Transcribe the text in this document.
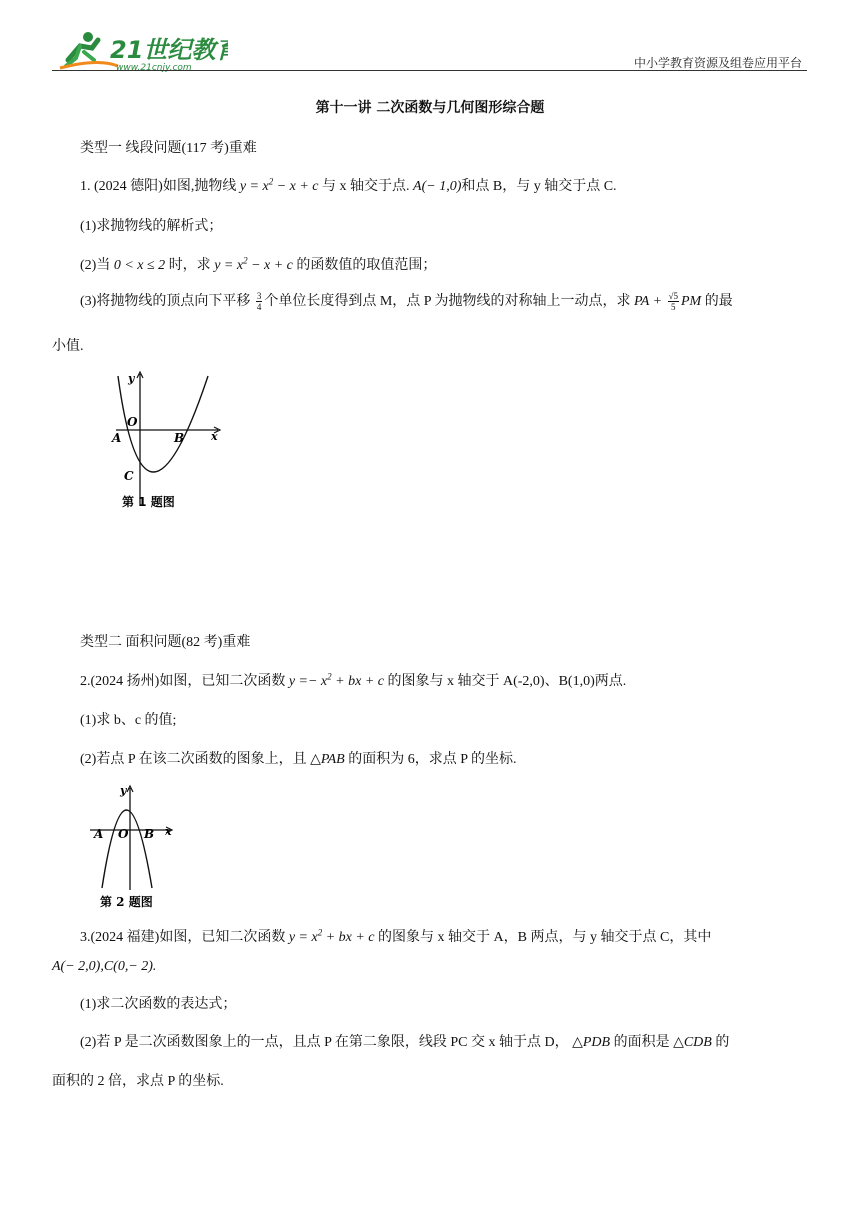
21世纪教育
www.21cnjy.com	中小学教育资源及组卷应用平台
第十一讲 二次函数与几何图形综合题
类型一 线段问题(117 考)重难
1. (2024 德阳)如图,抛物线 $y = x^2 - x + c$ 与 x 轴交于点. A(− 1,0)和点 B，与 y 轴交于点 C.
(1)求抛物线的解析式；
(2)当 0 < x ≤ 2 时，求 $y = x^2 - x + c$ 的函数值的取值范围；
(3)将抛物线的顶点向下平移 $\frac{3}{4}$ 个单位长度得到点 M，点 P 为抛物线的对称轴上一动点，求 PA + $\frac{√5}{5}$ PM 的最
小值.
y
x
O
A	B
C
第 1 题图
类型二 面积问题(82 考)重难
2.(2024 扬州)如图，已知二次函数 $y =- x^2$ + bx + c 的图象与 x 轴交于 A(-2,0)、B(1,0)两点.
(1)求 b、c 的值;
(2)若点 P 在该二次函数的图象上，且 △PAB 的面积为 6，求点 P 的坐标.
y
x
O
A	B
第 2 题图
3.(2024 福建)如图，已知二次函数 $y = x^2$ + bx + c 的图象与 x 轴交于 A，B 两点，与 y 轴交于点 C，其中
A(− 2,0),C(0,− 2).
(1)求二次函数的表达式；
(2)若 P 是二次函数图象上的一点，且点 P 在第二象限，线段 PC 交 x 轴于点 D， △PDB 的面积是 △CDB 的
面积的 2 倍，求点 P 的坐标.
